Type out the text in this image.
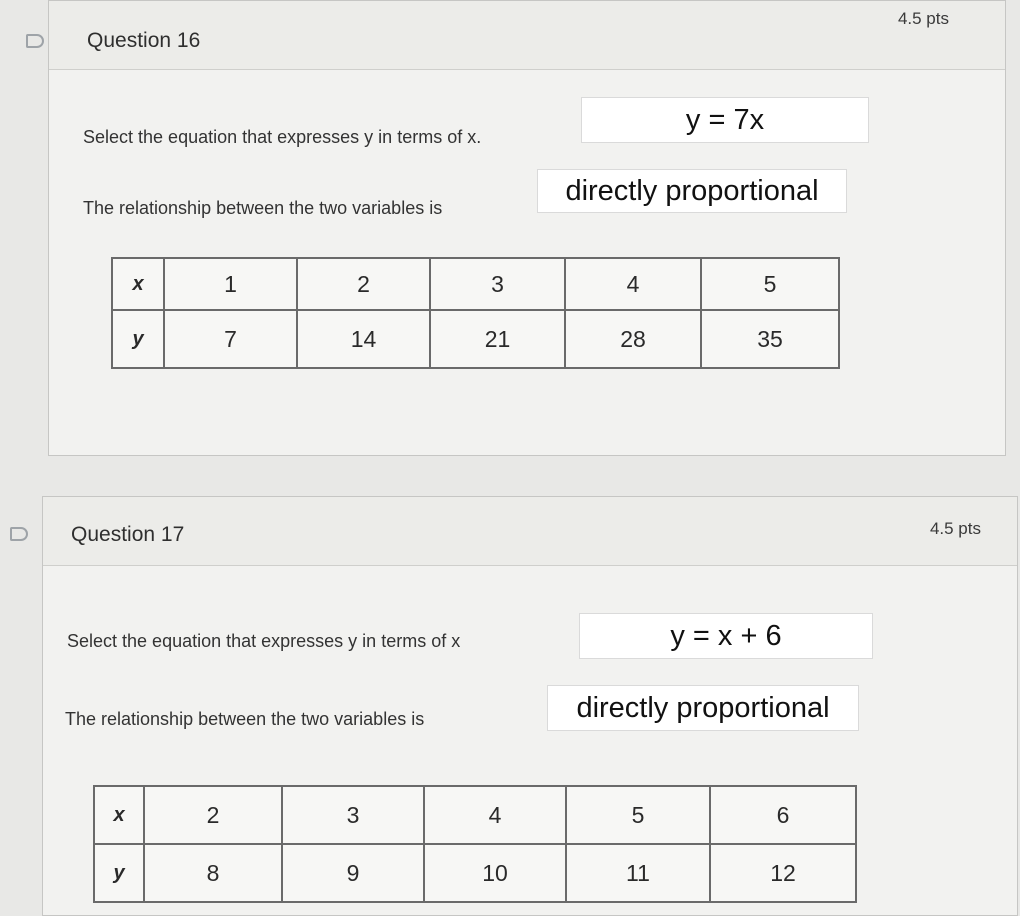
Question 16
4.5 pts
Select the equation that expresses y in terms of x.
y = 7x
The relationship between the two variables is
directly proportional
x	1	2	3	4	5
y	7	14	21	28	35
Question 17	4.5 pts
Select the equation that expresses y in terms of x	y = x + 6
The relationship between the two variables is	directly proportional
x	2	3	4	5	6
y	8	9	10	11	12
